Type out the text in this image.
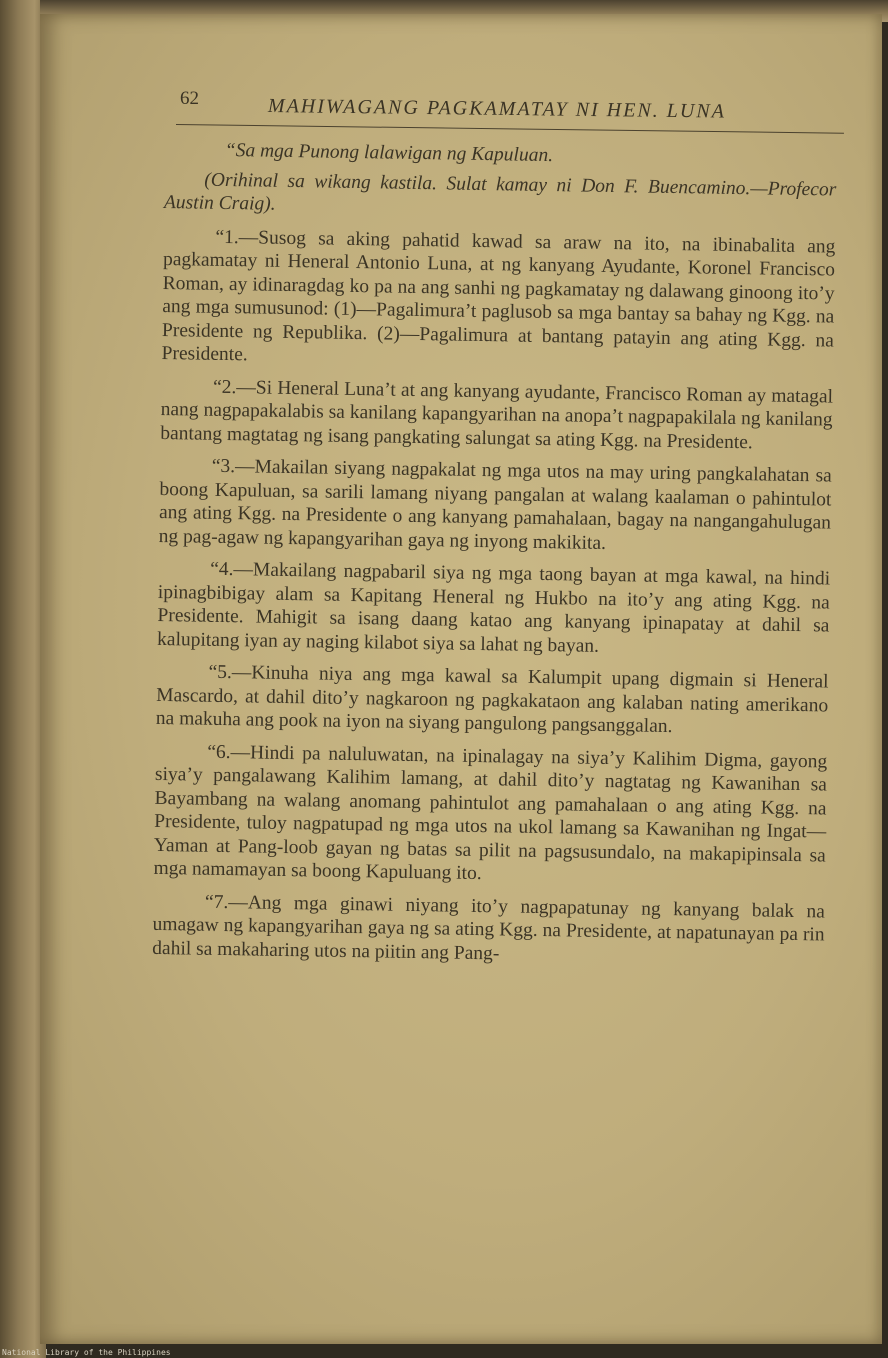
62	MAHIWAGANG PAGKAMATAY NI HEN. LUNA

“Sa mga Punong lalawigan ng Kapuluan.

(Orihinal sa wikang kastila. Sulat kamay ni Don F. Buencamino.—Profecor Austin Craig).

“1.—Susog sa aking pahatid kawad sa araw na ito, na ibinabalita ang pagkamatay ni Heneral Antonio Luna, at ng kanyang Ayudante, Koronel Francisco Roman, ay idinaragdag ko pa na ang sanhi ng pagkamatay ng dalawang ginoong ito’y ang mga sumusunod: (1)—Pagalimura’t paglusob sa mga bantay sa bahay ng Kgg. na Presidente ng Republika. (2)—Pagalimura at bantang patayin ang ating Kgg. na Presidente.

“2.—Si Heneral Luna’t at ang kanyang ayudante, Francisco Roman ay matagal nang nagpapakalabis sa kanilang kapangyarihan na anopa’t nagpapakilala ng kanilang bantang magtatag ng isang pangkating salungat sa ating Kgg. na Presidente.

“3.—Makailan siyang nagpakalat ng mga utos na may uring pangkalahatan sa boong Kapuluan, sa sarili lamang niyang pangalan at walang kaalaman o pahintulot ang ating Kgg. na Presidente o ang kanyang pamahalaan, bagay na nangangahulugan ng pag-agaw ng kapangyarihan gaya ng inyong makikita.

“4.—Makailang nagpabaril siya ng mga taong bayan at mga kawal, na hindi ipinagbibigay alam sa Kapitang Heneral ng Hukbo na ito’y ang ating Kgg. na Presidente. Mahigit sa isang daang katao ang kanyang ipinapatay at dahil sa kalupitang iyan ay naging kilabot siya sa lahat ng bayan.

“5.—Kinuha niya ang mga kawal sa Kalumpit upang digmain si Heneral Mascardo, at dahil dito’y nagkaroon ng pagkakataon ang kalaban nating amerikano na makuha ang pook na iyon na siyang pangulong pangsanggalan.

“6.—Hindi pa naluluwatan, na ipinalagay na siya’y Kalihim Digma, gayong siya’y pangalawang Kalihim lamang, at dahil dito’y nagtatag ng Kawanihan sa Bayambang na walang anomang pahintulot ang pamahalaan o ang ating Kgg. na Presidente, tuloy nagpatupad ng mga utos na ukol lamang sa Kawanihan ng Ingat—Yaman at Pang-loob gayan ng batas sa pilit na pagsusundalo, na makapipinsala sa mga namamayan sa boong Kapuluang ito.

“7.—Ang mga ginawi niyang ito’y nagpapatunay ng kanyang balak na umagaw ng kapangyarihan gaya ng sa ating Kgg. na Presidente, at napatunayan pa rin dahil sa makaharing utos na piitin ang Pang-

National Library of the Philippines
